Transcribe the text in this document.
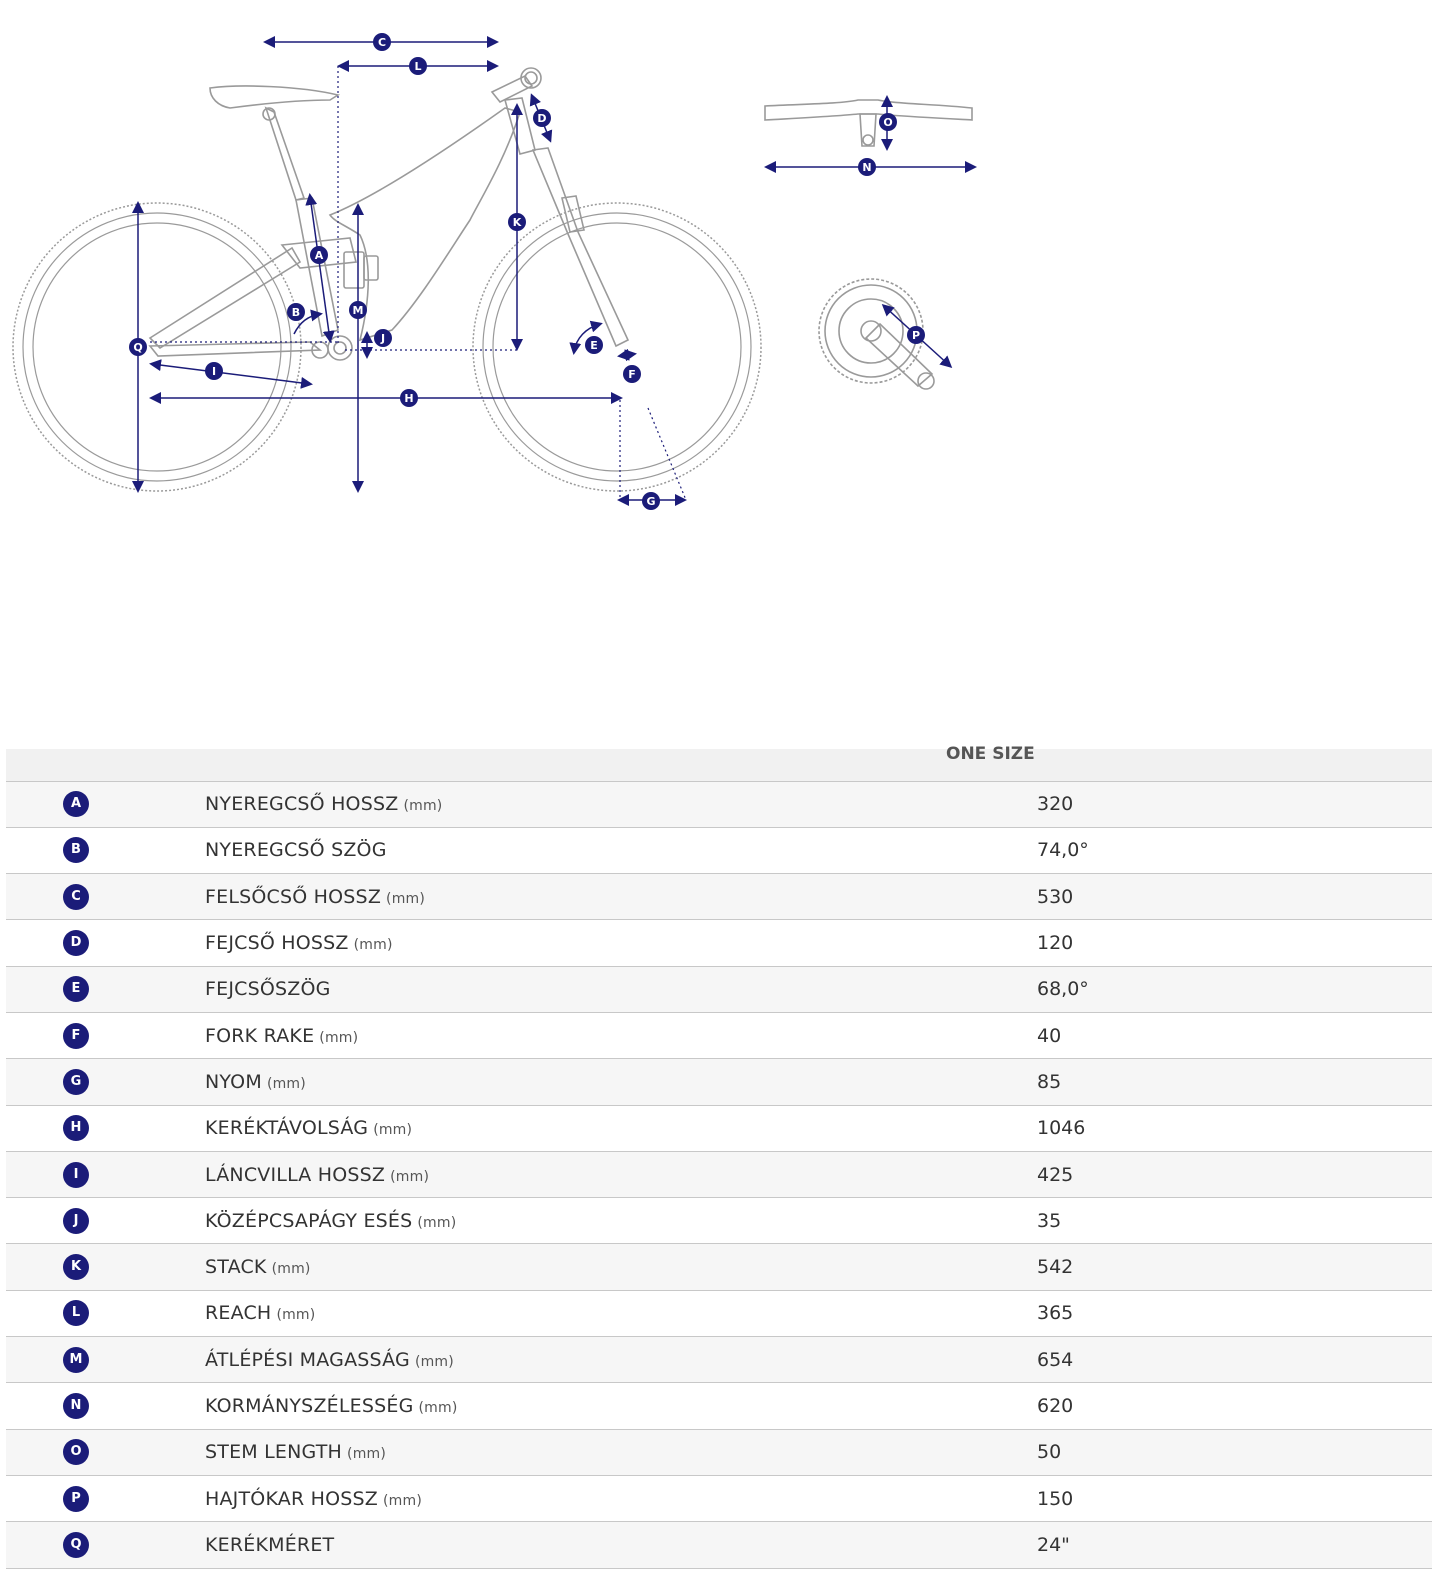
A
B
C
D
E
F
G
H
I
J
K
L
M
N
O
P
Q
ONE SIZE		
A	NYEREGCSŐ HOSSZ (mm)	320
B	NYEREGCSŐ SZÖG	74,0°
C	FELSŐCSŐ HOSSZ (mm)	530
D	FEJCSŐ HOSSZ (mm)	120
E	FEJCSŐSZÖG	68,0°
F	FORK RAKE (mm)	40
G	NYOM (mm)	85
H	KERÉKTÁVOLSÁG (mm)	1046
I	LÁNCVILLA HOSSZ (mm)	425
J	KÖZÉPCSAPÁGY ESÉS (mm)	35
K	STACK (mm)	542
L	REACH (mm)	365
M	ÁTLÉPÉSI MAGASSÁG (mm)	654
N	KORMÁNYSZÉLESSÉG (mm)	620
O	STEM LENGTH (mm)	50
P	HAJTÓKAR HOSSZ (mm)	150
Q	KERÉKMÉRET	24"
